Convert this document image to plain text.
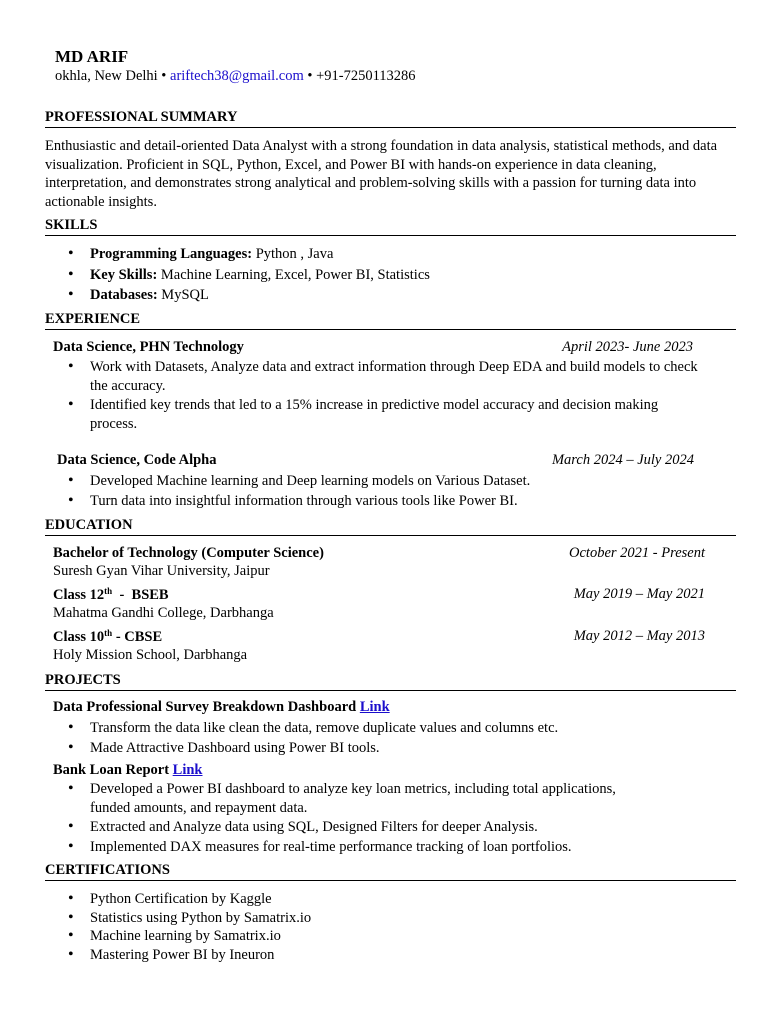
MD ARIF
okhla, New Delhi • ariftech38@gmail.com • +91-7250113286
PROFESSIONAL SUMMARY
Enthusiastic and detail-oriented Data Analyst with a strong foundation in data analysis, statistical methods, and data visualization. Proficient in SQL, Python, Excel, and Power BI with hands-on experience in data cleaning, interpretation, and demonstrates strong analytical and problem-solving skills with a passion for turning data into actionable insights.
SKILLS
• Programming Languages: Python , Java
• Key Skills: Machine Learning, Excel, Power BI, Statistics
• Databases: MySQL
EXPERIENCE
Data Science, PHN Technology	April 2023- June 2023
• Work with Datasets, Analyze data and extract information through Deep EDA and build models to check the accuracy.
• Identified key trends that led to a 15% increase in predictive model accuracy and decision making process.
Data Science, Code Alpha	March 2024 – July 2024
• Developed Machine learning and Deep learning models on Various Dataset.
• Turn data into insightful information through various tools like Power BI.
EDUCATION
Bachelor of Technology (Computer Science)	October 2021 - Present
Suresh Gyan Vihar University, Jaipur
Class 12th  -  BSEB	May 2019 – May 2021
Mahatma Gandhi College, Darbhanga
Class 10th - CBSE	May 2012 – May 2013
Holy Mission School, Darbhanga
PROJECTS
Data Professional Survey Breakdown Dashboard Link
• Transform the data like clean the data, remove duplicate values and columns etc.
• Made Attractive Dashboard using Power BI tools.
Bank Loan Report Link
• Developed a Power BI dashboard to analyze key loan metrics, including total applications, funded amounts, and repayment data.
• Extracted and Analyze data using SQL, Designed Filters for deeper Analysis.
• Implemented DAX measures for real-time performance tracking of loan portfolios.
CERTIFICATIONS
• Python Certification by Kaggle
• Statistics using Python by Samatrix.io
• Machine learning by Samatrix.io
• Mastering Power BI by Ineuron
